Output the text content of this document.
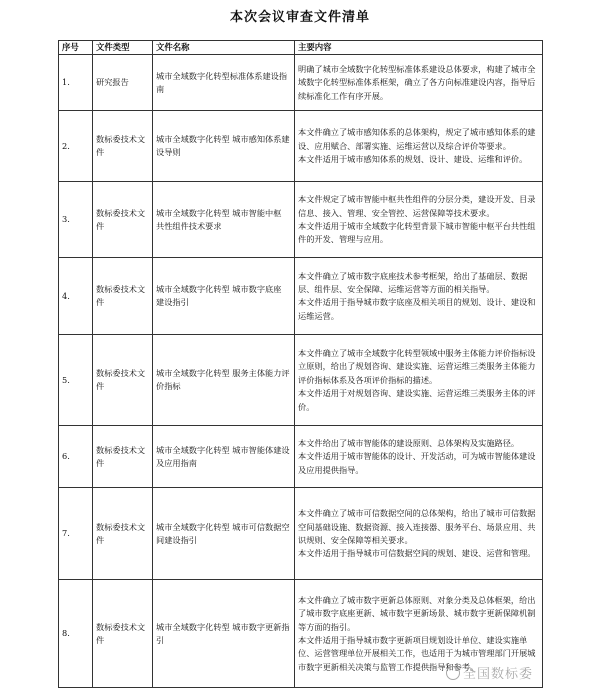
本次会议审查文件清单
序号	文件类型	文件名称	主要内容
1.	研究报告	城市全域数字化转型标准体系建设指南	明确了城市全域数字化转型标准体系建设总体要求，构建了城市全域数字化转型标准体系框架，确立了各方向标准建设内容，指导后续标准化工作有序开展。

2.	数标委技术文件	城市全域数字化转型 城市感知体系建设导则	本文件确立了城市感知体系的总体架构，规定了城市感知体系的建设、应用赋合、部署实施、运维运营以及综合评价等要求。
本文件适用于城市感知体系的规划、设计、建设、运维和评价。

3.	数标委技术文件	城市全域数字化转型 城市智能中枢 共性组件技术要求	本文件规定了城市智能中枢共性组件的分层分类，建设开发、目录信息、接入、管理、安全管控、运营保障等技术要求。
本文件适用于城市全域数字化转型背景下城市智能中枢平台共性组件的开发、管理与应用。

4.	数标委技术文件	城市全域数字化转型 城市数字底座 建设指引	本文件确立了城市数字底座技术参考框架，给出了基础层、数据层、组件层、安全保障、运维运营等方面的相关指导。
本文件适用于指导城市数字底座及相关项目的规划、设计、建设和运维运营。

5.	数标委技术文件	城市全域数字化转型 服务主体能力评价指标	本文件确立了城市全域数字化转型领域中服务主体能力评价指标设立原则，给出了规划咨询、建设实施、运营运维三类服务主体能力评价指标体系及各项评价指标的描述。
本文件适用于对规划咨询、建设实施、运营运维三类服务主体的评价。

6.	数标委技术文件	城市全域数字化转型 城市智能体建设及应用指南	本文件给出了城市智能体的建设原则、总体架构及实施路径。
本文件适用于城市智能体的设计、开发活动，可为城市智能体建设及应用提供指导。

7.	数标委技术文件	城市全域数字化转型 城市可信数据空间建设指引	本文件确立了城市可信数据空间的总体架构，给出了城市可信数据空间基础设施、数据资源、接入连接器、服务平台、场景应用、共识规则、安全保障等相关要求。
本文件适用于指导城市可信数据空间的规划、建设、运营和管理。

8.	数标委技术文件	城市全域数字化转型 城市数字更新指引	本文件确立了城市数字更新总体原则、对象分类及总体框架，给出了城市数字底座更新、城市数字更新场景、城市数字更新保障机制等方面的指引。
本文件适用于指导城市数字更新项目规划设计单位、建设实施单位、运营管理单位开展相关工作，也适用于为城市管理部门开展城市数字更新相关决策与监管工作提供指导和参考。
全国数标委
